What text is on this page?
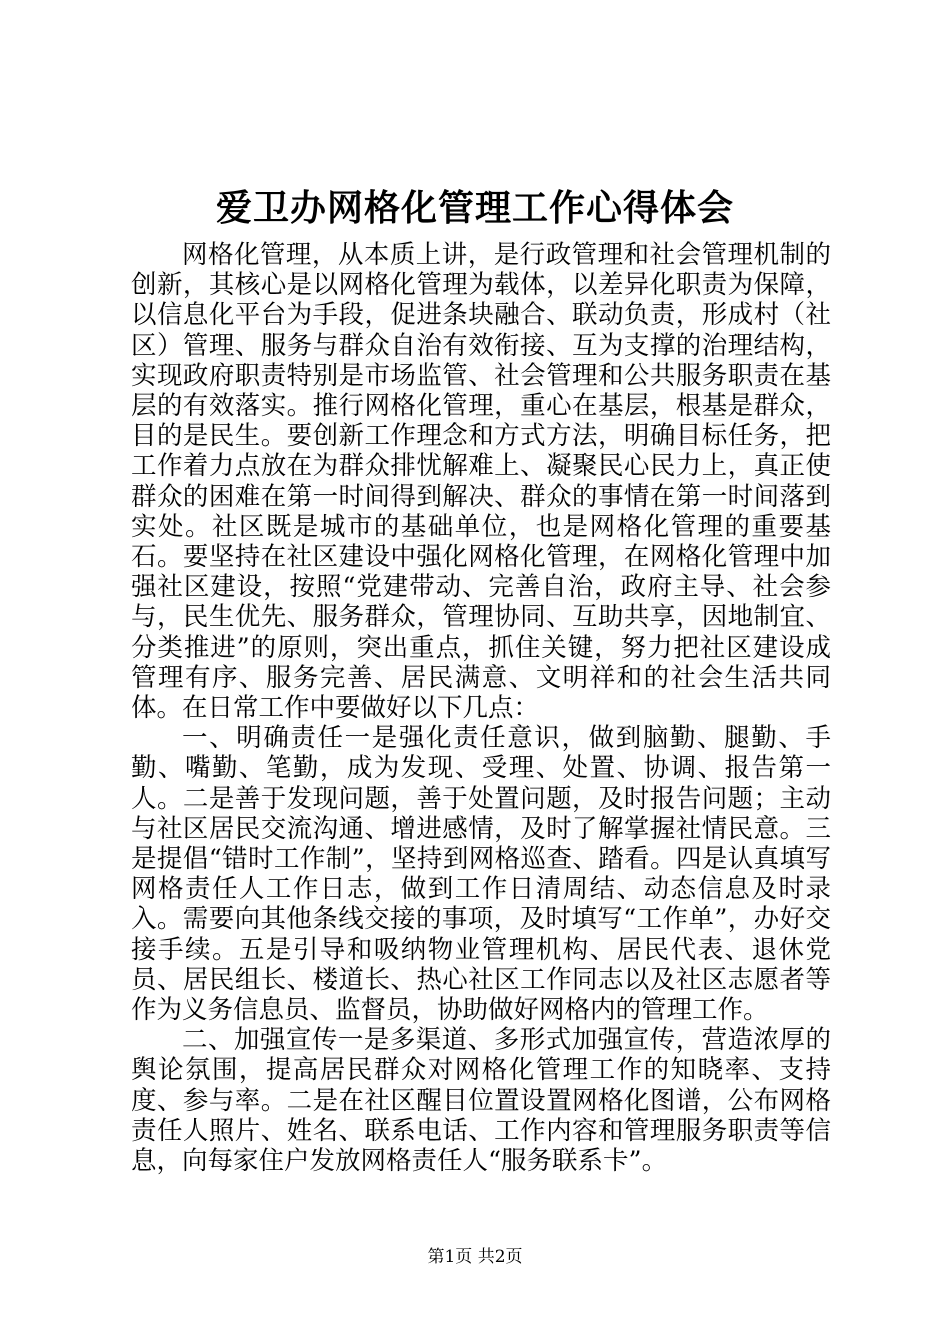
爱卫办网格化管理工作心得体会

网格化管理，从本质上讲，是行政管理和社会管理机制的创新，其核心是以网格化管理为载体，以差异化职责为保障，以信息化平台为手段，促进条块融合、联动负责，形成村（社区）管理、服务与群众自治有效衔接、互为支撑的治理结构，实现政府职责特别是市场监管、社会管理和公共服务职责在基层的有效落实。推行网格化管理，重心在基层，根基是群众，目的是民生。要创新工作理念和方式方法，明确目标任务，把工作着力点放在为群众排忧解难上、凝聚民心民力上，真正使群众的困难在第一时间得到解决、群众的事情在第一时间落到实处。社区既是城市的基础单位，也是网格化管理的重要基石。要坚持在社区建设中强化网格化管理，在网格化管理中加强社区建设，按照“党建带动、完善自治，政府主导、社会参与，民生优先、服务群众，管理协同、互助共享，因地制宜、分类推进”的原则，突出重点，抓住关键，努力把社区建设成管理有序、服务完善、居民满意、文明祥和的社会生活共同体。在日常工作中要做好以下几点：

一、明确责任一是强化责任意识，做到脑勤、腿勤、手勤、嘴勤、笔勤，成为发现、受理、处置、协调、报告第一人。二是善于发现问题，善于处置问题，及时报告问题；主动与社区居民交流沟通、增进感情，及时了解掌握社情民意。三是提倡“错时工作制”，坚持到网格巡查、踏看。四是认真填写网格责任人工作日志，做到工作日清周结、动态信息及时录入。需要向其他条线交接的事项，及时填写“工作单”，办好交接手续。五是引导和吸纳物业管理机构、居民代表、退休党员、居民组长、楼道长、热心社区工作同志以及社区志愿者等作为义务信息员、监督员，协助做好网格内的管理工作。

二、加强宣传一是多渠道、多形式加强宣传，营造浓厚的舆论氛围，提高居民群众对网格化管理工作的知晓率、支持度、参与率。二是在社区醒目位置设置网格化图谱，公布网格责任人照片、姓名、联系电话、工作内容和管理服务职责等信息，向每家住户发放网格责任人“服务联系卡”。

第1页 共2页
